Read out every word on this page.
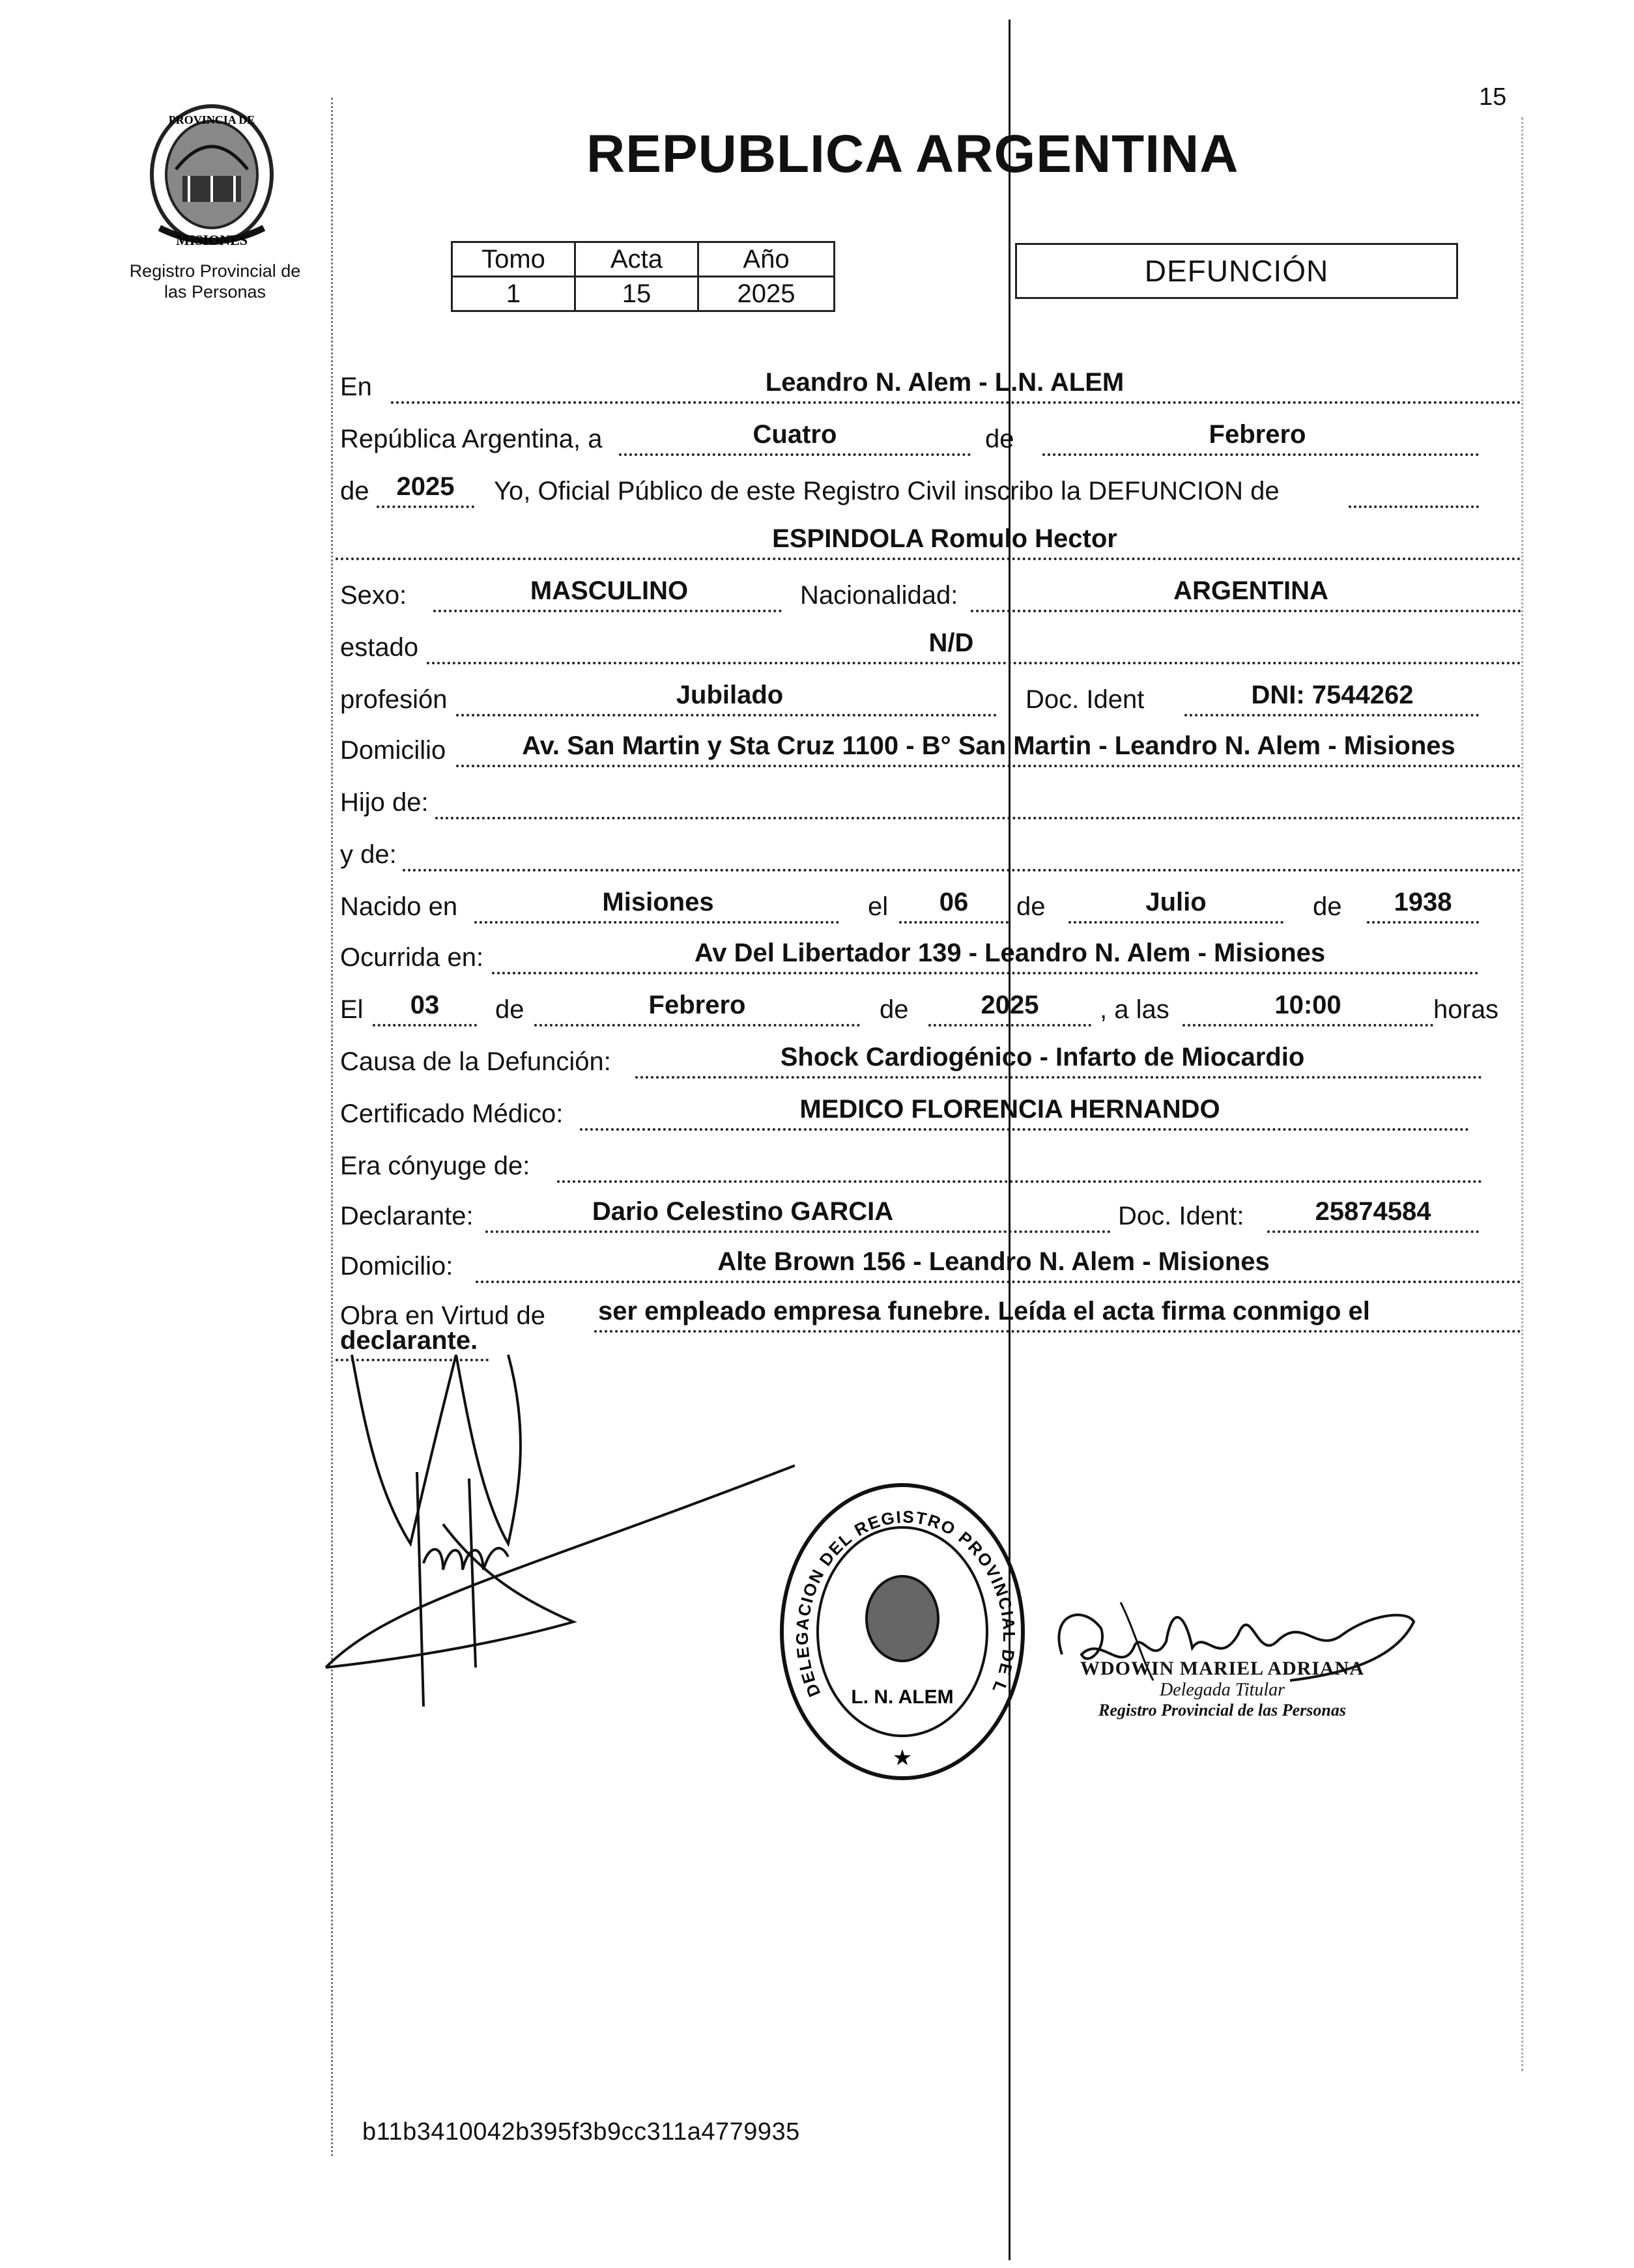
PROVINCIA DE
MISIONES
Registro Provincial de
las Personas
15
REPUBLICA ARGENTINA
Tomo	Acta	Año
1	15	2025
DEFUNCIÓN
En	Leandro N. Alem - L.N. ALEM
República Argentina, a	Cuatro	de	Febrero
de	2025	Yo, Oficial Público de este Registro Civil inscribo la DEFUNCION de
ESPINDOLA Romulo Hector
Sexo:	MASCULINO	Nacionalidad:	ARGENTINA
estado	N/D
profesión	Jubilado	Doc. Ident	DNI: 7544262
Domicilio	Av. San Martin y Sta Cruz 1100 - B° San Martin - Leandro N. Alem - Misiones
Hijo de:
y de:
Nacido en	Misiones	el	06	de	Julio	de	1938
Ocurrida en:	Av Del Libertador 139 - Leandro N. Alem - Misiones
El	03	de	Febrero	de	2025	, a las	10:00	horas
Causa de la Defunción:	Shock Cardiogénico - Infarto de Miocardio
Certificado Médico:	MEDICO FLORENCIA HERNANDO
Era cónyuge de:
Declarante:	Dario Celestino GARCIA	Doc. Ident:	25874584
Domicilio:	Alte Brown 156 - Leandro N. Alem - Misiones
Obra en Virtud de ser empleado empresa funebre. Leída el acta firma conmigo el
declarante.
DELEGACION DEL REGISTRO PROVINCIAL DE L
L. N. ALEM
★
WDOWIN MARIEL ADRIANA
Delegada Titular
Registro Provincial de las Personas
b11b3410042b395f3b9cc311a4779935
